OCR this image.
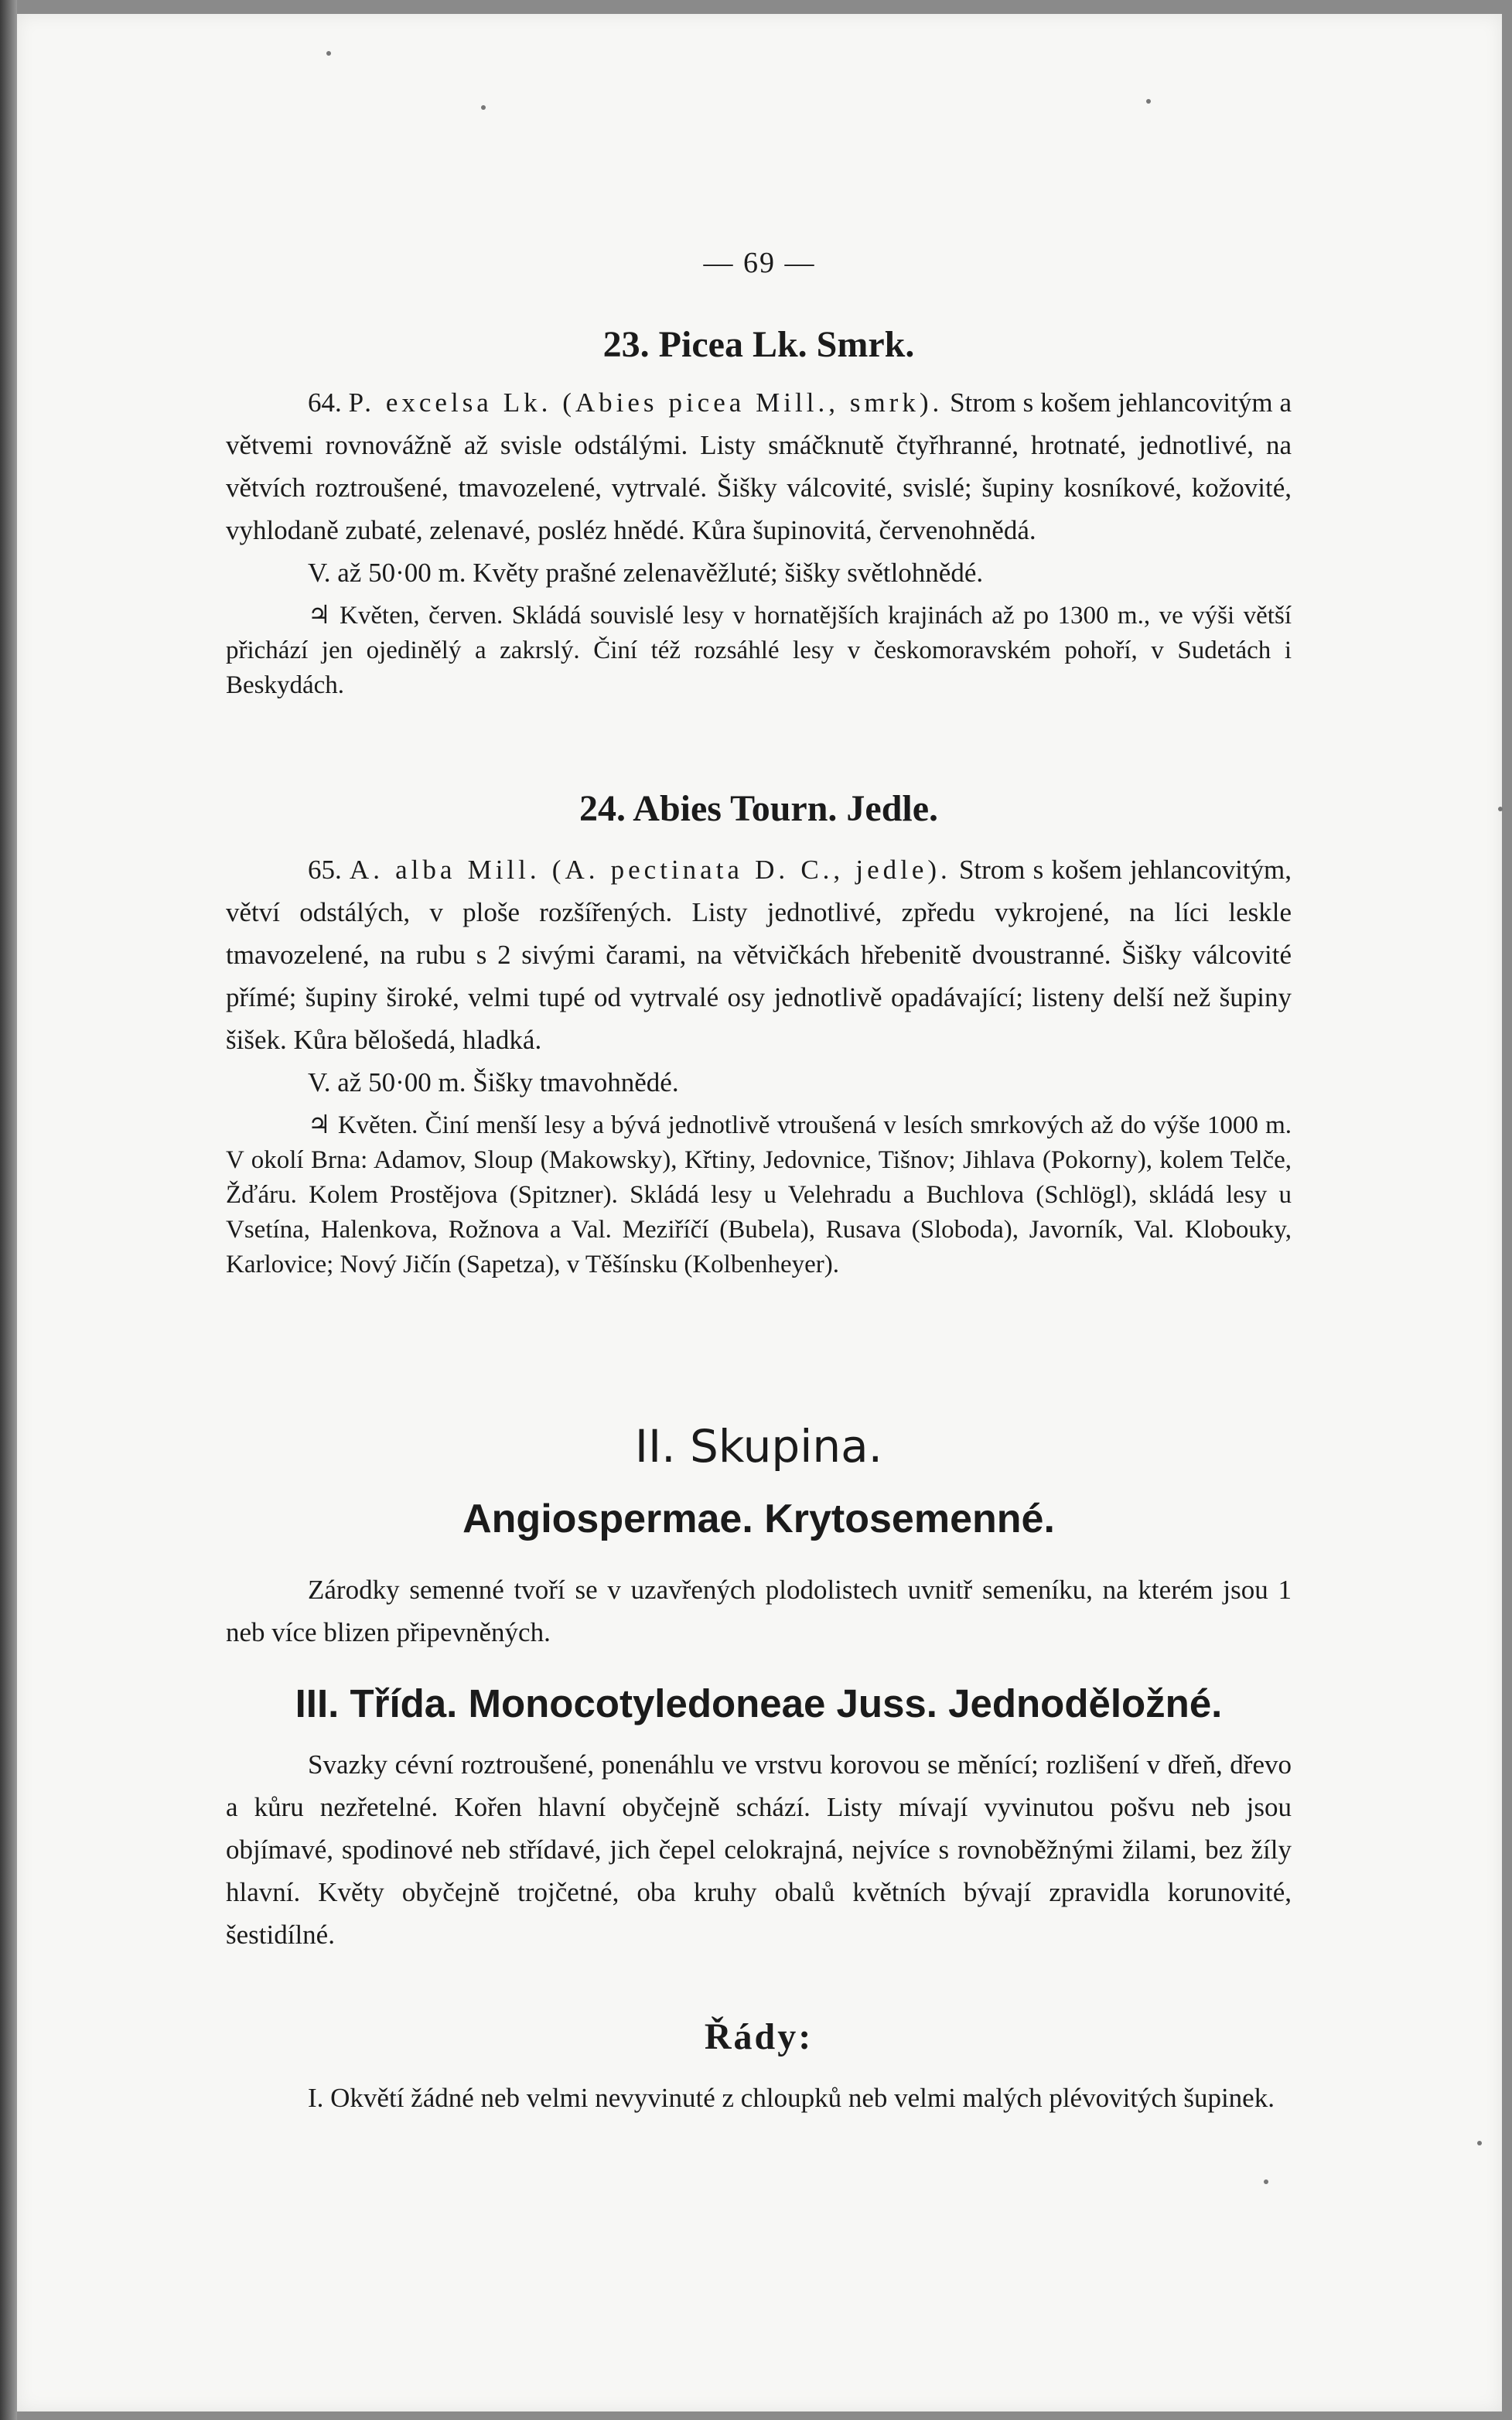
— 69 —
23. Picea Lk. Smrk.

64. P. excelsa Lk. (Abies picea Mill., smrk). Strom s košem jehlancovitým a větvemi rovnovážně až svisle odstálými. Listy smáčknutě čtyřhranné, hrotnaté, jednotlivé, na větvích roztroušené, tmavozelené, vytrvalé. Šišky válcovité, svislé; šupiny kosníkové, kožovité, vyhlodaně zubaté, zelenavé, posléz hnědé. Kůra šupinovitá, červenohnědá.

V. až 50·00 m. Květy prašné zelenavěžluté; šišky světlohnědé.

♃ Květen, červen. Skládá souvislé lesy v hornatějších krajinách až po 1300 m., ve výši větší přichází jen ojedinělý a zakrslý. Činí též rozsáhlé lesy v českomoravském pohoří, v Sudetách i Beskydách.

24. Abies Tourn. Jedle.

65. A. alba Mill. (A. pectinata D. C., jedle). Strom s košem jehlancovitým, větví odstálých, v ploše rozšířených. Listy jednotlivé, zpředu vykrojené, na líci leskle tmavozelené, na rubu s 2 sivými čarami, na větvičkách hřebenitě dvoustranné. Šišky válcovité přímé; šupiny široké, velmi tupé od vytrvalé osy jednotlivě opadávající; listeny delší než šupiny šišek. Kůra bělošedá, hladká.

V. až 50·00 m. Šišky tmavohnědé.

♃ Květen. Činí menší lesy a bývá jednotlivě vtroušená v lesích smrkových až do výše 1000 m. V okolí Brna: Adamov, Sloup (Makowsky), Křtiny, Jedovnice, Tišnov; Jihlava (Pokorny), kolem Telče, Žďáru. Kolem Prostějova (Spitzner). Skládá lesy u Velehradu a Buchlova (Schlögl), skládá lesy u Vsetína, Halenkova, Rožnova a Val. Meziříčí (Bubela), Rusava (Sloboda), Javorník, Val. Klobouky, Karlovice; Nový Jičín (Sapetza), v Těšínsku (Kolbenheyer).

II. Skupina.
Angiospermae. Krytosemenné.

Zárodky semenné tvoří se v uzavřených plodolistech uvnitř semeníku, na kterém jsou 1 neb více blizen připevněných.

III. Třída. Monocotyledoneae Juss. Jednoděložné.

Svazky cévní roztroušené, ponenáhlu ve vrstvu korovou se měnící; rozlišení v dřeň, dřevo a kůru nezřetelné. Kořen hlavní obyčejně schází. Listy mívají vyvinutou pošvu neb jsou objímavé, spodinové neb střídavé, jich čepel celokrajná, nejvíce s rovnoběžnými žilami, bez žíly hlavní. Květy obyčejně trojčetné, oba kruhy obalů květních bývají zpravidla korunovité, šestidílné.

Řády:

I. Okvětí žádné neb velmi nevyvinuté z chloupků neb velmi malých plévovitých šupinek.
